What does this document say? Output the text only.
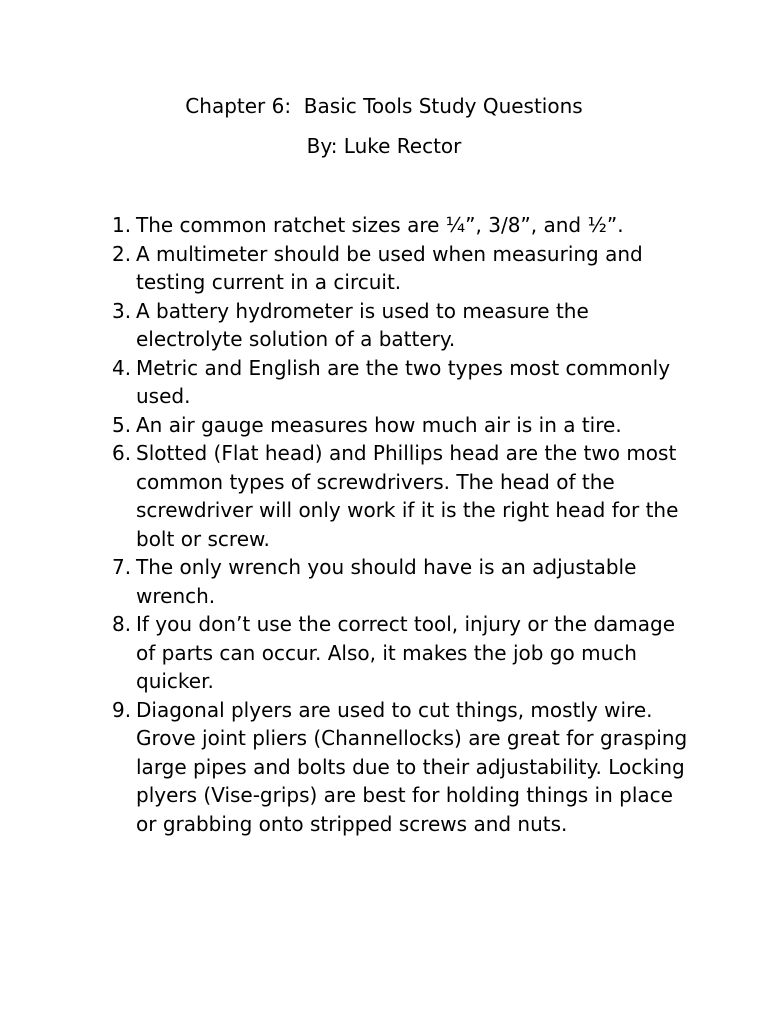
Chapter 6:  Basic Tools Study Questions
By: Luke Rector
1. The common ratchet sizes are ¼”, 3/8”, and ½”.
2. A multimeter should be used when measuring and testing current in a circuit.
3. A battery hydrometer is used to measure the electrolyte solution of a battery.
4. Metric and English are the two types most commonly used.
5. An air gauge measures how much air is in a tire.
6. Slotted (Flat head) and Phillips head are the two most common types of screwdrivers. The head of the screwdriver will only work if it is the right head for the bolt or screw.
7. The only wrench you should have is an adjustable wrench.
8. If you don’t use the correct tool, injury or the damage of parts can occur. Also, it makes the job go much quicker.
9. Diagonal plyers are used to cut things, mostly wire. Grove joint pliers (Channellocks) are great for grasping large pipes and bolts due to their adjustability. Locking plyers (Vise-grips) are best for holding things in place or grabbing onto stripped screws and nuts.
